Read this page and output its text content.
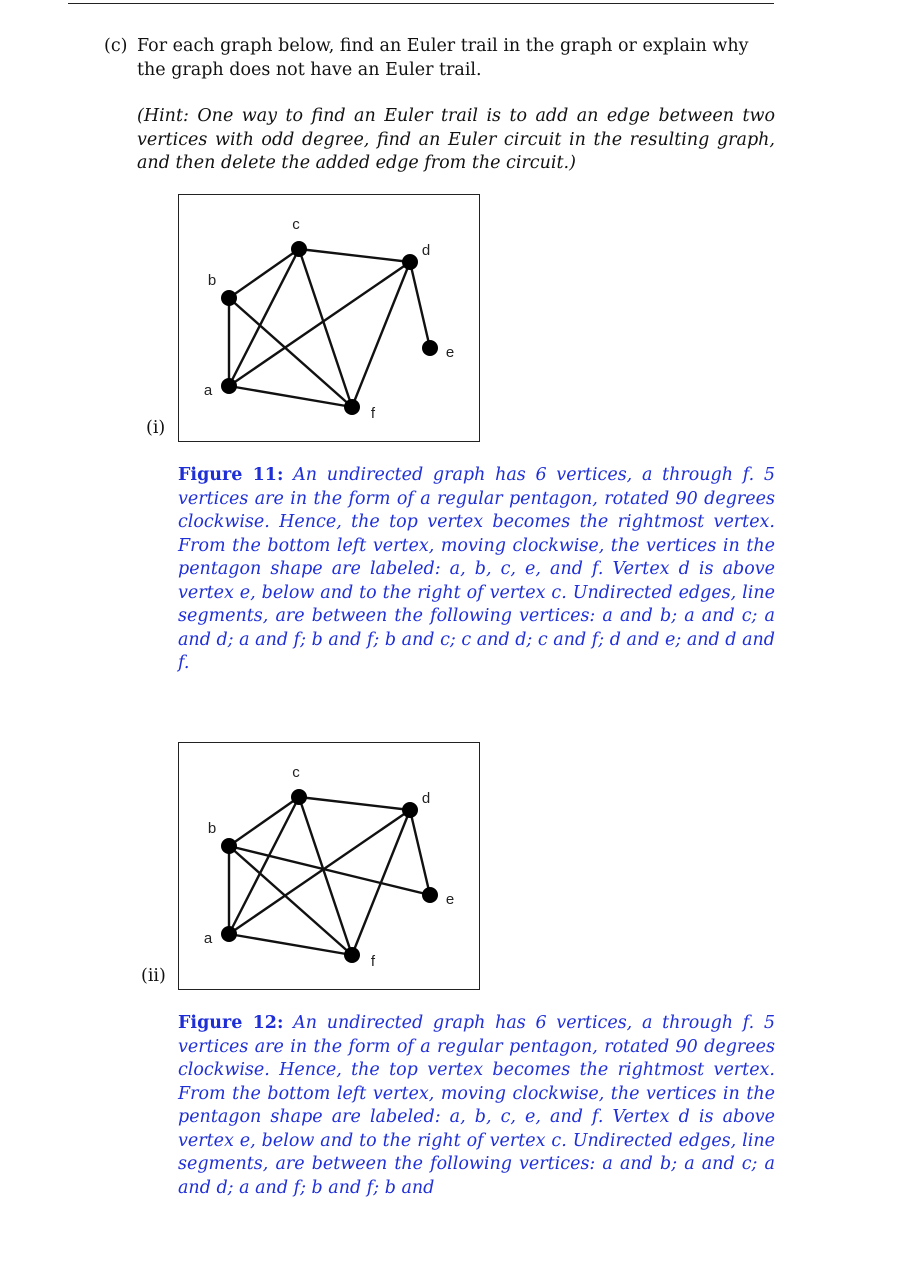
(c) For each graph below, find an Euler trail in the graph or explain why the graph does not have an Euler trail.
(Hint: One way to find an Euler trail is to add an edge between two vertices with odd degree, find an Euler circuit in the resulting graph, and then delete the added edge from the circuit.)
(i)
a
b
c
d
e
f
Figure 11: An undirected graph has 6 vertices, a through f. 5 vertices are in the form of a regular pentagon, rotated 90 degrees clockwise. Hence, the top vertex becomes the rightmost vertex. From the bottom left vertex, moving clockwise, the vertices in the pentagon shape are labeled: a, b, c, e, and f. Vertex d is above vertex e, below and to the right of vertex c. Undirected edges, line segments, are between the following vertices: a and b; a and c; a and d; a and f; b and f; b and c; c and d; c and f; d and e; and d and f.
(ii)
a
b
c
d
e
f
Figure 12: An undirected graph has 6 vertices, a through f. 5 vertices are in the form of a regular pentagon, rotated 90 degrees clockwise. Hence, the top vertex becomes the rightmost vertex. From the bottom left vertex, moving clockwise, the vertices in the pentagon shape are labeled: a, b, c, e, and f. Vertex d is above vertex e, below and to the right of vertex c. Undirected edges, line segments, are between the following vertices: a and b; a and c; a and d; a and f; b and f; b and
